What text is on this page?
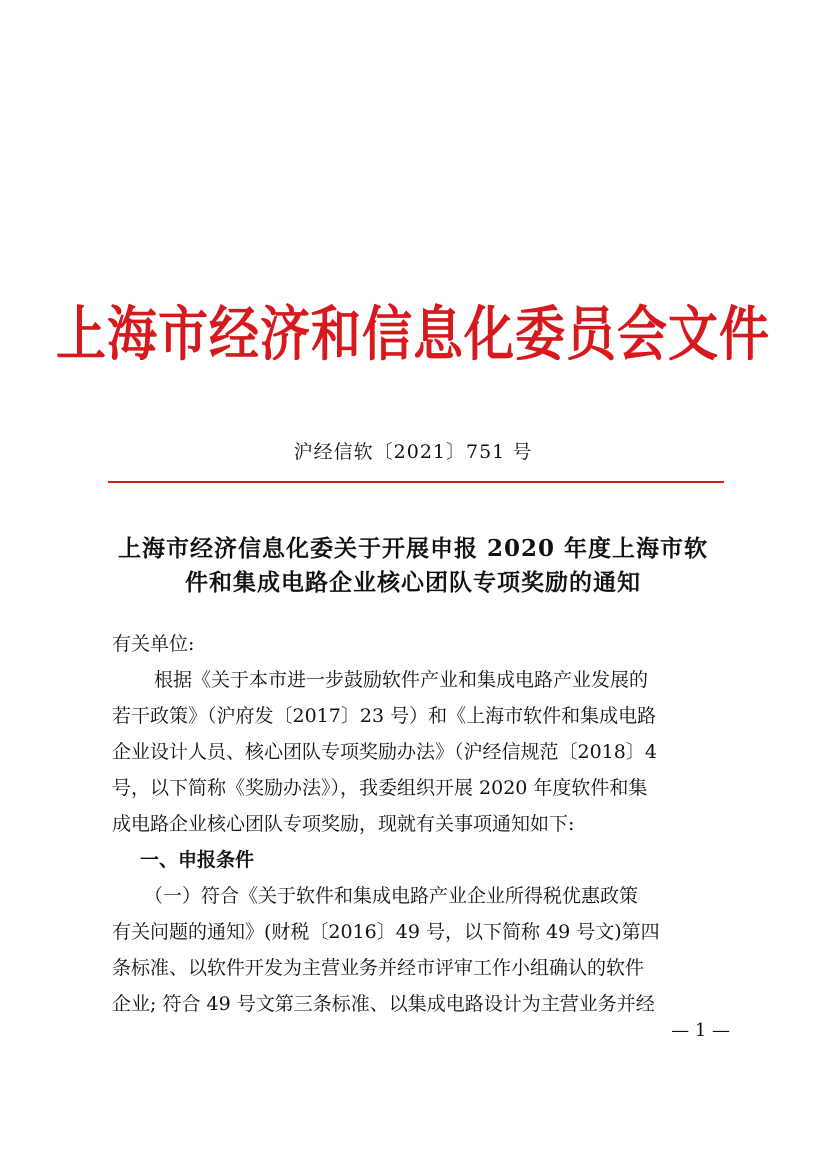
上海市经济和信息化委员会文件
沪经信软〔2021〕751 号
上海市经济信息化委关于开展申报 2020 年度上海市软
件和集成电路企业核心团队专项奖励的通知
有关单位:
根据《关于本市进一步鼓励软件产业和集成电路产业发展的
若干政策》（沪府发〔2017〕23 号）和《上海市软件和集成电路
企业设计人员、核心团队专项奖励办法》（沪经信规范〔2018〕4
号，以下简称《奖励办法》），我委组织开展 2020 年度软件和集
成电路企业核心团队专项奖励，现就有关事项通知如下:
一、申报条件
（一）符合《关于软件和集成电路产业企业所得税优惠政策
有关问题的通知》(财税〔2016〕49 号，以下简称 49 号文)第四
条标准、以软件开发为主营业务并经市评审工作小组确认的软件
企业; 符合 49 号文第三条标准、以集成电路设计为主营业务并经
— 1 —
